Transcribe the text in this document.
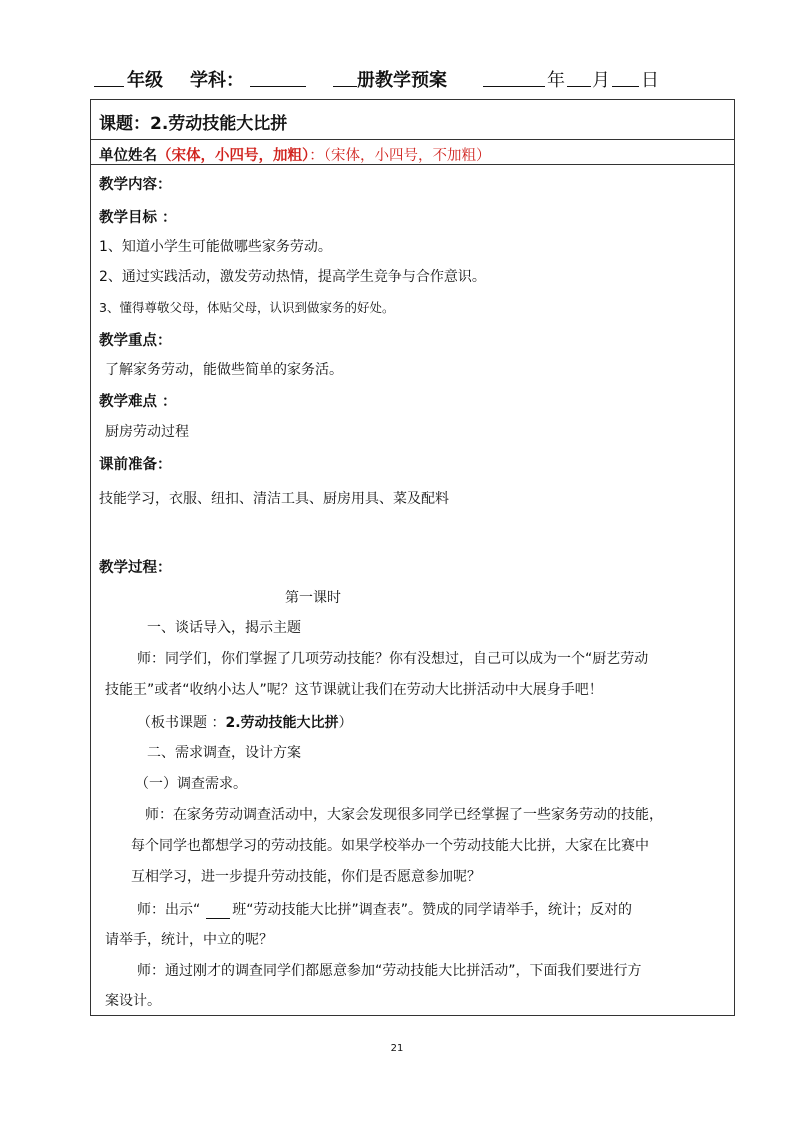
年级 学科：	册教学预案	年 月 日
课题：2.劳动技能大比拼
单位姓名（宋体，小四号，加粗）：（宋体，小四号，不加粗）
教学内容：
教学目标 ：
1、知道小学生可能做哪些家务劳动。
2、通过实践活动，激发劳动热情，提高学生竞争与合作意识。
3、懂得尊敬父母，体贴父母，认识到做家务的好处。
教学重点：
了解家务劳动，能做些简单的家务活。
教学难点 ：
厨房劳动过程
课前准备：
技能学习，衣服、纽扣、清洁工具、厨房用具、菜及配料
教学过程：
第一课时
一、谈话导入，揭示主题
师：同学们，你们掌握了几项劳动技能？你有没想过，自己可以成为一个“厨艺劳动
技能王”或者“收纳小达人”呢？这节课就让我们在劳动大比拼活动中大展身手吧！
（板书课题 ：2.劳动技能大比拼）
二、需求调查，设计方案
（一）调查需求。
师：在家务劳动调查活动中，大家会发现很多同学已经掌握了一些家务劳动的技能，
每个同学也都想学习的劳动技能。如果学校举办一个劳动技能大比拼，大家在比赛中
互相学习，进一步提升劳动技能，你们是否愿意参加呢？
师：出示“ 班“劳动技能大比拼”调查表”。赞成的同学请举手，统计；反对的
请举手，统计，中立的呢？
师：通过刚才的调查同学们都愿意参加“劳动技能大比拼活动”，下面我们要进行方
案设计。
21
